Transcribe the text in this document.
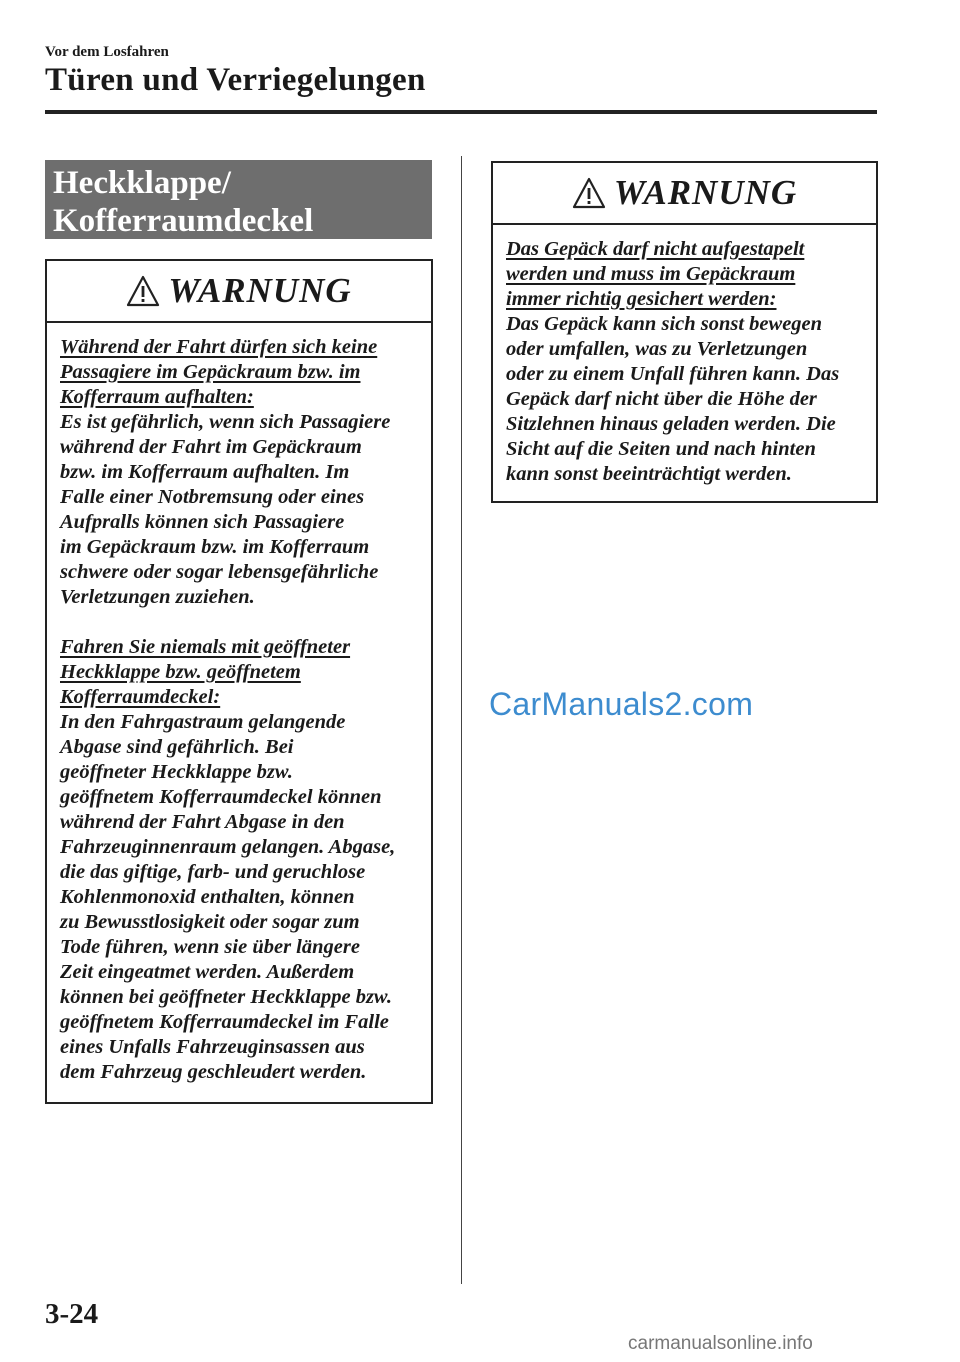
Vor dem Losfahren
Türen und Verriegelungen
Heckklappe/
Kofferraumdeckel
WARNUNG

Während der Fahrt dürfen sich keine

Passagiere im Gepäckraum bzw. im

Kofferraum aufhalten:

Es ist gefährlich, wenn sich Passagiere

während der Fahrt im Gepäckraum

bzw. im Kofferraum aufhalten. Im

Falle einer Notbremsung oder eines

Aufpralls können sich Passagiere

im Gepäckraum bzw. im Kofferraum

schwere oder sogar lebensgefährliche

Verletzungen zuziehen.

Fahren Sie niemals mit geöffneter

Heckklappe bzw. geöffnetem

Kofferraumdeckel:

In den Fahrgastraum gelangende

Abgase sind gefährlich. Bei

geöffneter Heckklappe bzw.

geöffnetem Kofferraumdeckel können

während der Fahrt Abgase in den

Fahrzeuginnenraum gelangen. Abgase,

die das giftige, farb- und geruchlose

Kohlenmonoxid enthalten, können

zu Bewusstlosigkeit oder sogar zum

Tode führen, wenn sie über längere

Zeit eingeatmet werden. Außerdem

können bei geöffneter Heckklappe bzw.

geöffnetem Kofferraumdeckel im Falle

eines Unfalls Fahrzeuginsassen aus

dem Fahrzeug geschleudert werden.

WARNUNG

Das Gepäck darf nicht aufgestapelt

werden und muss im Gepäckraum

immer richtig gesichert werden:

Das Gepäck kann sich sonst bewegen

oder umfallen, was zu Verletzungen

oder zu einem Unfall führen kann. Das

Gepäck darf nicht über die Höhe der

Sitzlehnen hinaus geladen werden. Die

Sicht auf die Seiten und nach hinten

kann sonst beeinträchtigt werden.

CarManuals2.com
3-24
carmanualsonline.info
